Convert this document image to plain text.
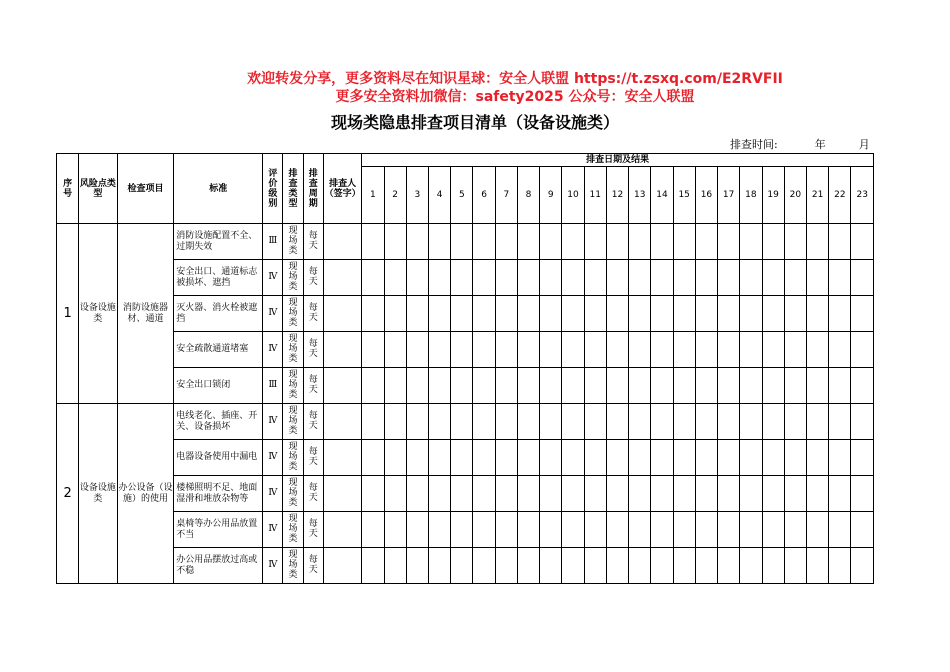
欢迎转发分享，更多资料尽在知识星球：安全人联盟 https://t.zsxq.com/E2RVFII
更多安全资料加微信：safety2025 公众号：安全人联盟
现场类隐患排查项目清单（设备设施类）
排查时间:	年	月
序号	风险点类型	检查项目	标准	评价级别	排查类型	排查周期	排查人（签字）	排查日期及结果																						
								1	2	3	4	5	6	7	8	9	10	11	12	13	14	15	16	17	18	19	20	21	22	23
1	设备设施类	消防设施器材、通道	消防设施配置不全、过期失效	Ⅲ	现场类	每天																								
			安全出口、通道标志被损坏、遮挡	Ⅳ	现场类	每天																								
			灭火器、消火栓被遮挡	Ⅳ	现场类	每天																								
			安全疏散通道堵塞	Ⅳ	现场类	每天																								
			安全出口锁闭	Ⅲ	现场类	每天																								
2	设备设施类	办公设备（设施）的使用	电线老化、插座、开关、设备损坏	Ⅳ	现场类	每天																								
			电器设备使用中漏电	Ⅳ	现场类	每天																								
			楼梯照明不足、地面湿滑和堆放杂物等	Ⅳ	现场类	每天																								
			桌椅等办公用品放置不当	Ⅳ	现场类	每天																								
			办公用品摆放过高或不稳	Ⅳ	现场类	每天																								
